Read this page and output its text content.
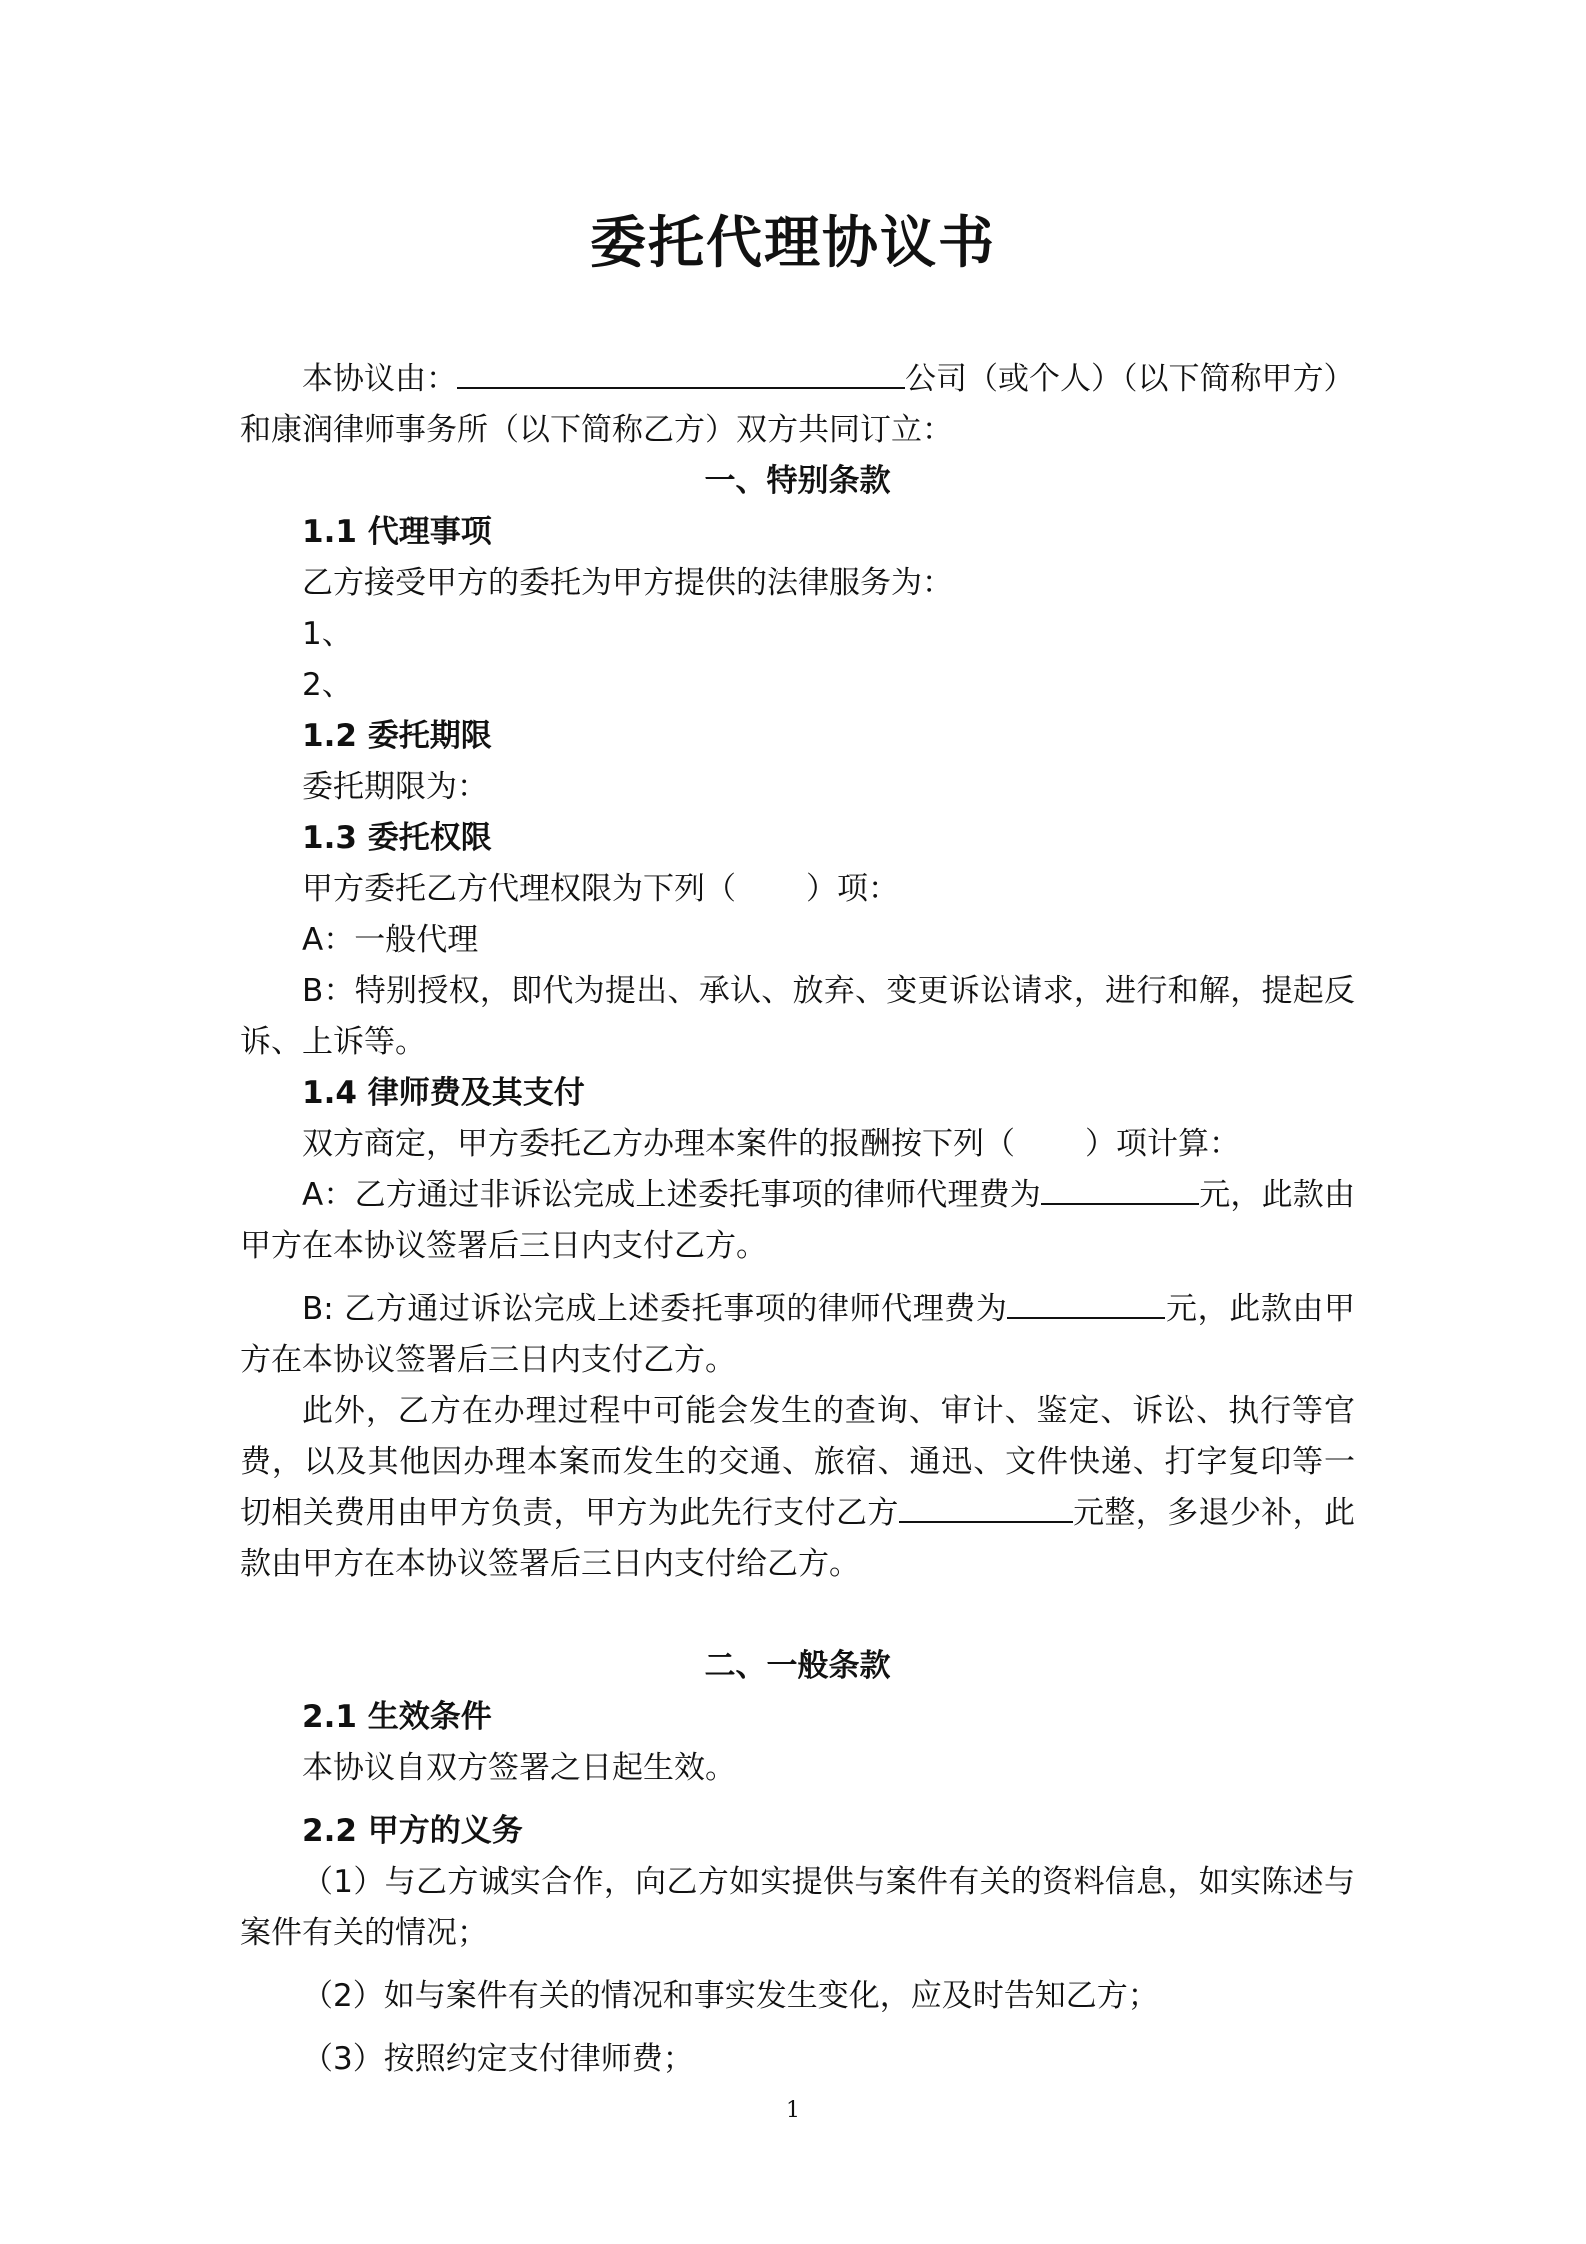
委托代理协议书

本协议由：	公司（或个人）（以下简称甲方）

和康润律师事务所（以下简称乙方）双方共同订立：

一、特别条款

1.1 代理事项

乙方接受甲方的委托为甲方提供的法律服务为：

1、

2、

1.2 委托期限

委托期限为：

1.3 委托权限

甲方委托乙方代理权限为下列（ ）项：

A：一般代理

B：特别授权，即代为提出、承认、放弃、变更诉讼请求，进行和解，提起反诉、上诉等。

1.4 律师费及其支付

双方商定，甲方委托乙方办理本案件的报酬按下列（ ）项计算：

A：乙方通过非诉讼完成上述委托事项的律师代理费为	元，此款由甲方在本协议签署后三日内支付乙方。

B: 乙方通过诉讼完成上述委托事项的律师代理费为	元，此款由甲方在本协议签署后三日内支付乙方。

此外，乙方在办理过程中可能会发生的查询、审计、鉴定、诉讼、执行等官费，以及其他因办理本案而发生的交通、旅宿、通迅、文件快递、打字复印等一切相关费用由甲方负责，甲方为此先行支付乙方	元整，多退少补，此款由甲方在本协议签署后三日内支付给乙方。

二、一般条款

2.1 生效条件

本协议自双方签署之日起生效。

2.2 甲方的义务

（1）与乙方诚实合作，向乙方如实提供与案件有关的资料信息，如实陈述与案件有关的情况；

（2）如与案件有关的情况和事实发生变化，应及时告知乙方；

（3）按照约定支付律师费；

1
